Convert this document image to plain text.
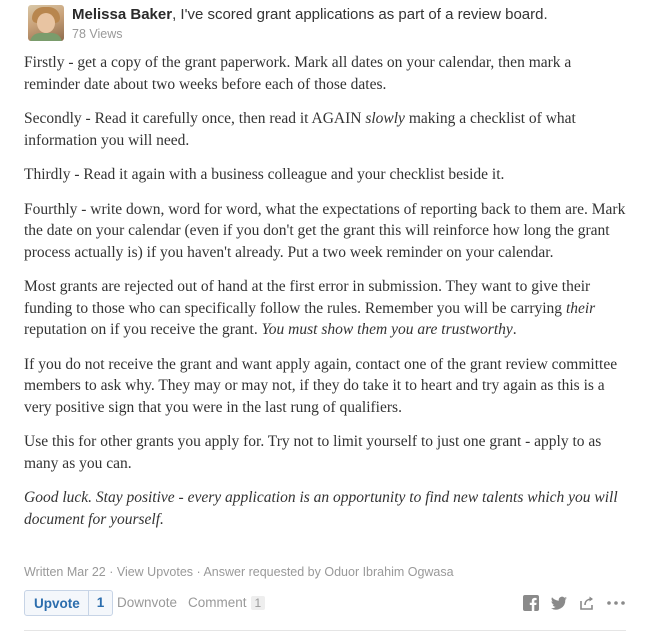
Melissa Baker, I've scored grant applications as part of a review board.
78 Views

Firstly - get a copy of the grant paperwork. Mark all dates on your calendar, then mark a reminder date about two weeks before each of those dates.

Secondly - Read it carefully once, then read it AGAIN slowly making a checklist of what information you will need.

Thirdly - Read it again with a business colleague and your checklist beside it.

Fourthly - write down, word for word, what the expectations of reporting back to them are. Mark the date on your calendar (even if you don't get the grant this will reinforce how long the grant process actually is) if you haven't already. Put a two week reminder on your calendar.

Most grants are rejected out of hand at the first error in submission. They want to give their funding to those who can specifically follow the rules. Remember you will be carrying their reputation on if you receive the grant. You must show them you are trustworthy.

If you do not receive the grant and want apply again, contact one of the grant review committee members to ask why. They may or may not, if they do take it to heart and try again as this is a very positive sign that you were in the last rung of qualifiers.

Use this for other grants you apply for. Try not to limit yourself to just one grant - apply to as many as you can.

Good luck. Stay positive - every application is an opportunity to find new talents which you will document for yourself.

Written Mar 22 · View Upvotes · Answer requested by Oduor Ibrahim Ogwasa
Upvote	1 Downvote Comment 1
